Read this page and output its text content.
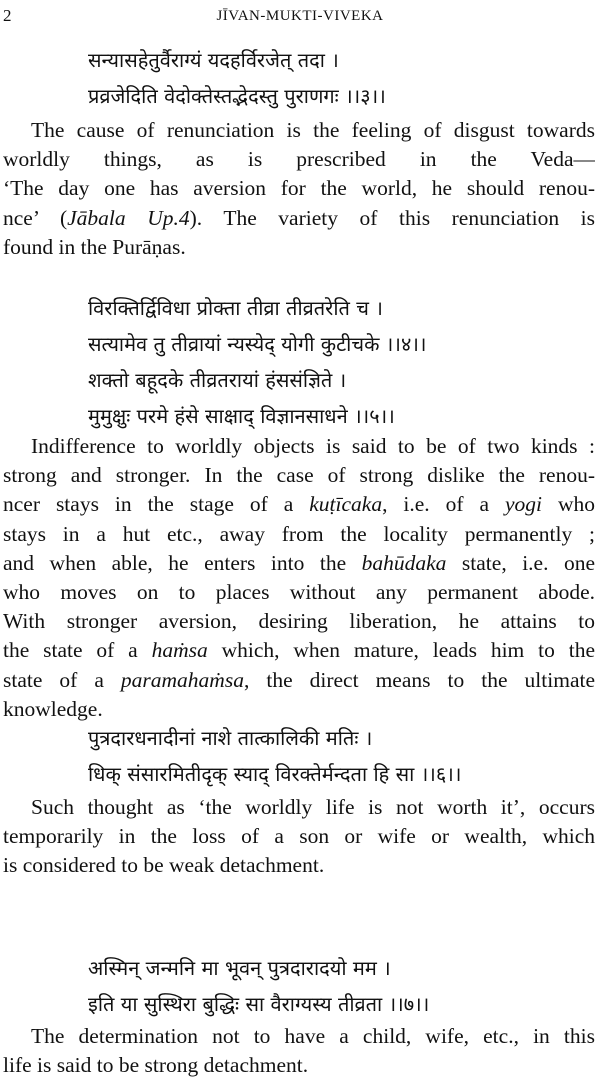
2	JĪVAN-MUKTI-VIVEKA
सन्यासहेतुर्वैराग्यं यदहर्विरजेत् तदा ।
प्रव्रजेदिति वेदोक्तेस्तद्भेदस्तु पुराणगः ।।३।।
The cause of renunciation is the feeling of disgust towards
worldly things, as is prescribed in the Veda—
‘The day one has aversion for the world, he should renou-
nce’ (Jābala Up.4). The variety of this renunciation is
found in the Purāṇas.
विरक्तिर्द्विविधा प्रोक्ता तीव्रा तीव्रतरेति च ।
सत्यामेव तु तीव्रायां न्यस्येद् योगी कुटीचके ।।४।।
शक्तो बहूदके तीव्रतरायां हंससंज्ञिते ।
मुमुक्षुः परमे हंसे साक्षाद् विज्ञानसाधने ।।५।।
Indifference to worldly objects is said to be of two kinds :
strong and stronger. In the case of strong dislike the renou-
ncer stays in the stage of a kuṭīcaka, i.e. of a yogi who
stays in a hut etc., away from the locality permanently ;
and when able, he enters into the bahūdaka state, i.e. one
who moves on to places without any permanent abode.
With stronger aversion, desiring liberation, he attains to
the state of a haṁsa which, when mature, leads him to the
state of a paramahaṁsa, the direct means to the ultimate
knowledge.
पुत्रदारधनादीनां नाशे तात्कालिकी मतिः ।
धिक् संसारमितीदृक् स्याद् विरक्तेर्मन्दता हि सा ।।६।।
Such thought as ‘the worldly life is not worth it’, occurs
temporarily in the loss of a son or wife or wealth, which
is considered to be weak detachment.
अस्मिन् जन्मनि मा भूवन् पुत्रदारादयो मम ।
इति या सुस्थिरा बुद्धिः सा वैराग्यस्य तीव्रता ।।७।।
The determination not to have a child, wife, etc., in this
life is said to be strong detachment.
